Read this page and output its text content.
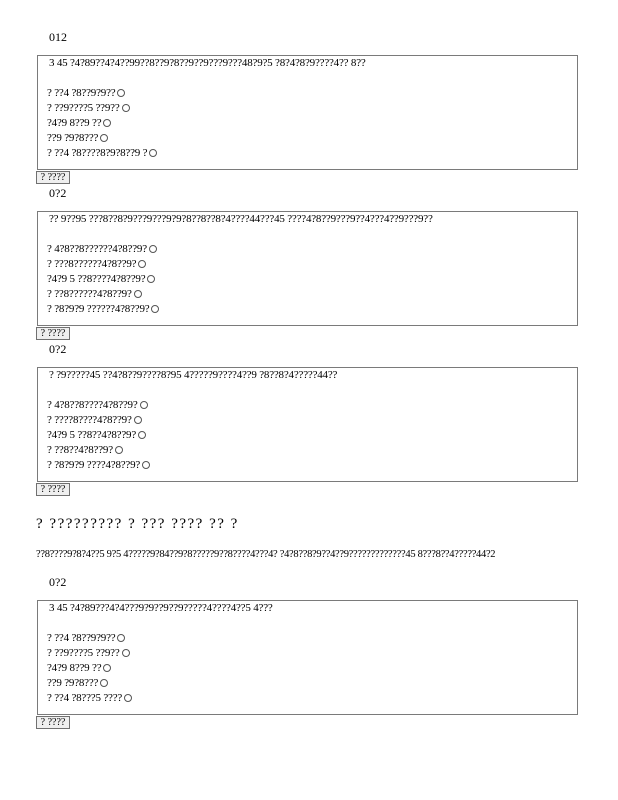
012
3 45 ?4?89??4?4??99??8??9?8??9??9???9???48?9?5 ?8?4?8?9????4?? 8??
? ??4 ?8??9?9??
? ??9????5 ??9??
?4?9 8??9 ??
??9 ?9?8???
? ??4 ?8????8?9?8??9 ?
? ????
0?2
?? 9??95 ???8??8?9???9???9?9?8??8??8?4????44???45 ????4?8??9???9??4???4??9???9??
? 4?8??8??????4?8??9?
? ???8??????4?8??9?
?4?9 5 ??8????4?8??9?
? ??8??????4?8??9?
? ?8?9?9 ??????4?8??9?
? ????
0?2
? ?9?????45 ??4?8??9????8?95 4?????9????4??9 ?8??8?4?????44??
? 4?8??8????4?8??9?
? ????8????4?8??9?
?4?9 5 ??8??4?8??9?
? ??8??4?8??9?
? ?8?9?9 ????4?8??9?
? ????
? ????????? ? ??? ???? ?? ?
??8????9?8?4??5 9?5 4?????9?84??9?8?????9??8????4???4? ?4?8??8?9??4??9?????????????45 8???8??4?????44?2
0?2
3 45 ?4?89???4?4???9?9??9??9?????4????4??5 4???
? ??4 ?8??9?9??
? ??9????5 ??9??
?4?9 8??9 ??
??9 ?9?8???
? ??4 ?8???5 ????
? ????
